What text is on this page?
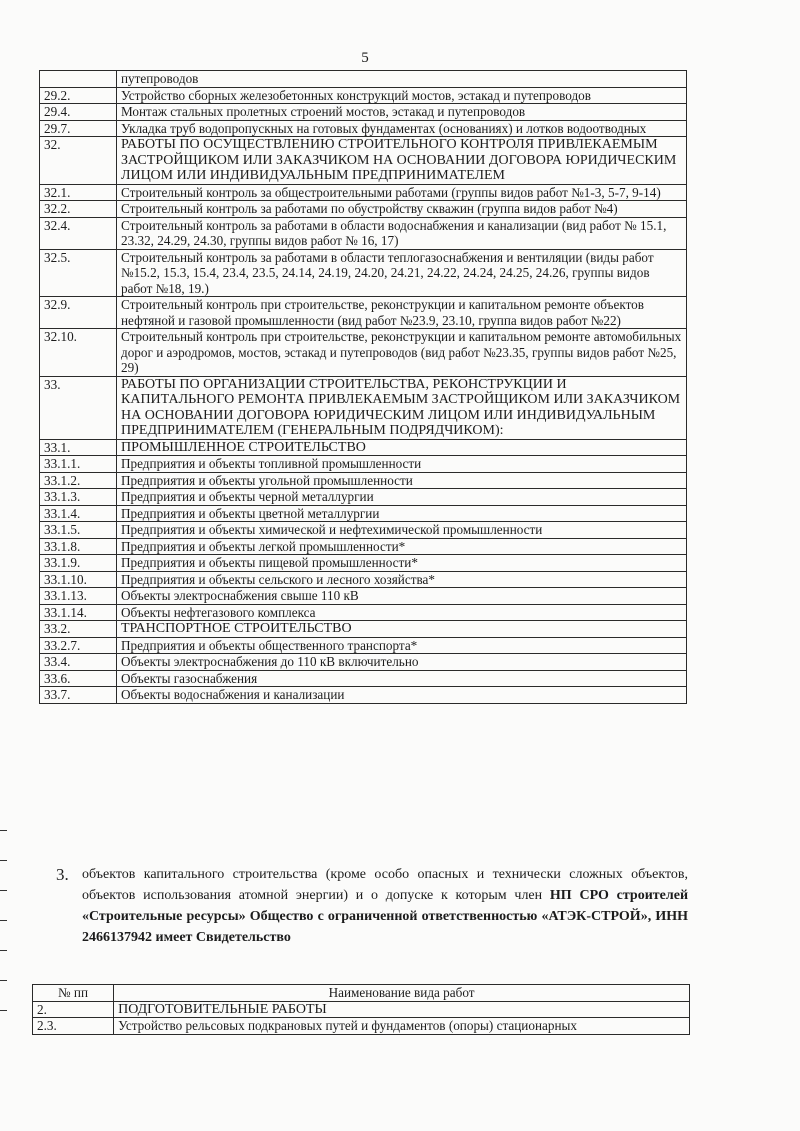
5
	путепроводов
29.2.	Устройство сборных железобетонных конструкций мостов, эстакад и путепроводов
29.4.	Монтаж стальных пролетных строений мостов, эстакад и путепроводов
29.7.	Укладка труб водопропускных на готовых фундаментах (основаниях) и лотков водоотводных
32.	РАБОТЫ ПО ОСУЩЕСТВЛЕНИЮ СТРОИТЕЛЬНОГО КОНТРОЛЯ ПРИВЛЕКАЕМЫМ ЗАСТРОЙЩИКОМ ИЛИ ЗАКАЗЧИКОМ НА ОСНОВАНИИ ДОГОВОРА ЮРИДИЧЕСКИМ ЛИЦОМ ИЛИ ИНДИВИДУАЛЬНЫМ ПРЕДПРИНИМАТЕЛЕМ
32.1.	Строительный контроль за общестроительными работами (группы видов работ №1-3, 5-7, 9-14)
32.2.	Строительный контроль за работами по обустройству скважин (группа видов работ №4)
32.4.	Строительный контроль за работами в области водоснабжения и канализации (вид работ № 15.1, 23.32, 24.29, 24.30, группы видов работ № 16, 17)
32.5.	Строительный контроль за работами в области теплогазоснабжения и вентиляции (виды работ №15.2, 15.3, 15.4, 23.4, 23.5, 24.14, 24.19, 24.20, 24.21, 24.22, 24.24, 24.25, 24.26, группы видов работ №18, 19.)
32.9.	Строительный контроль при строительстве, реконструкции и капитальном ремонте объектов нефтяной и газовой промышленности (вид работ №23.9, 23.10, группа видов работ №22)
32.10.	Строительный контроль при строительстве, реконструкции и капитальном ремонте автомобильных дорог и аэродромов, мостов, эстакад и путепроводов (вид работ №23.35, группы видов работ №25, 29)
33.	РАБОТЫ ПО ОРГАНИЗАЦИИ СТРОИТЕЛЬСТВА, РЕКОНСТРУКЦИИ И КАПИТАЛЬНОГО РЕМОНТА ПРИВЛЕКАЕМЫМ ЗАСТРОЙЩИКОМ ИЛИ ЗАКАЗЧИКОМ НА ОСНОВАНИИ ДОГОВОРА ЮРИДИЧЕСКИМ ЛИЦОМ ИЛИ ИНДИВИДУАЛЬНЫМ ПРЕДПРИНИМАТЕЛЕМ (ГЕНЕРАЛЬНЫМ ПОДРЯДЧИКОМ):
33.1.	ПРОМЫШЛЕННОЕ СТРОИТЕЛЬСТВО
33.1.1.	Предприятия и объекты топливной промышленности
33.1.2.	Предприятия и объекты угольной промышленности
33.1.3.	Предприятия и объекты черной металлургии
33.1.4.	Предприятия и объекты цветной металлургии
33.1.5.	Предприятия и объекты химической и нефтехимической промышленности
33.1.8.	Предприятия и объекты легкой промышленности*
33.1.9.	Предприятия и объекты пищевой промышленности*
33.1.10.	Предприятия и объекты сельского и лесного хозяйства*
33.1.13.	Объекты электроснабжения свыше 110 кВ
33.1.14.	Объекты нефтегазового комплекса
33.2.	ТРАНСПОРТНОЕ СТРОИТЕЛЬСТВО
33.2.7.	Предприятия и объекты общественного транспорта*
33.4.	Объекты электроснабжения до 110 кВ включительно
33.6.	Объекты газоснабжения
33.7.	Объекты водоснабжения и канализации
3. объектов капитального строительства (кроме особо опасных и технически сложных объектов, объектов использования атомной энергии) и о допуске к которым член НП СРО строителей «Строительные ресурсы» Общество с ограниченной ответственностью «АТЭК-СТРОЙ», ИНН 2466137942 имеет Свидетельство
№ пп	Наименование вида работ
2.	ПОДГОТОВИТЕЛЬНЫЕ РАБОТЫ
2.3.	Устройство рельсовых подкрановых путей и фундаментов (опоры) стационарных
